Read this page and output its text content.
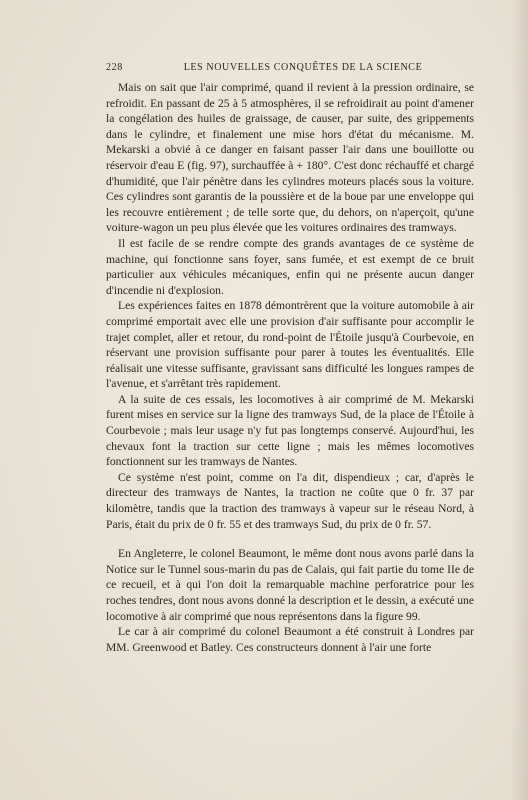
228	LES NOUVELLES CONQUÊTES DE LA SCIENCE

Mais on sait que l'air comprimé, quand il revient à la pression ordinaire, se refroidit. En passant de 25 à 5 atmosphères, il se refroidirait au point d'amener la congélation des huiles de graissage, de causer, par suite, des grippements dans le cylindre, et finalement une mise hors d'état du mécanisme. M. Mekarski a obvié à ce danger en faisant passer l'air dans une bouillotte ou réservoir d'eau E (fig. 97), surchauffée à + 180°. C'est donc réchauffé et chargé d'humidité, que l'air pénètre dans les cylindres moteurs placés sous la voiture. Ces cylindres sont garantis de la poussière et de la boue par une enveloppe qui les recouvre entièrement ; de telle sorte que, du dehors, on n'aperçoit, qu'une voiture-wagon un peu plus élevée que les voitures ordinaires des tramways.

Il est facile de se rendre compte des grands avantages de ce système de machine, qui fonctionne sans foyer, sans fumée, et est exempt de ce bruit particulier aux véhicules mécaniques, enfin qui ne présente aucun danger d'incendie ni d'explosion.

Les expériences faites en 1878 démontrèrent que la voiture automobile à air comprimé emportait avec elle une provision d'air suffisante pour accomplir le trajet complet, aller et retour, du rond-point de l'Étoile jusqu'à Courbevoie, en réservant une provision suffisante pour parer à toutes les éventualités. Elle réalisait une vitesse suffisante, gravissant sans difficulté les longues rampes de l'avenue, et s'arrêtant très rapidement.

A la suite de ces essais, les locomotives à air comprimé de M. Mekarski furent mises en service sur la ligne des tramways Sud, de la place de l'Étoile à Courbevoie ; mais leur usage n'y fut pas longtemps conservé. Aujourd'hui, les chevaux font la traction sur cette ligne ; mais les mêmes locomotives fonctionnent sur les tramways de Nantes.

Ce système n'est point, comme on l'a dit, dispendieux ; car, d'après le directeur des tramways de Nantes, la traction ne coûte que 0 fr. 37 par kilomètre, tandis que la traction des tramways à vapeur sur le réseau Nord, à Paris, était du prix de 0 fr. 55 et des tramways Sud, du prix de 0 fr. 57.

En Angleterre, le colonel Beaumont, le même dont nous avons parlé dans la Notice sur le Tunnel sous-marin du pas de Calais, qui fait partie du tome IIe de ce recueil, et à qui l'on doit la remarquable machine perforatrice pour les roches tendres, dont nous avons donné la description et le dessin, a exécuté une locomotive à air comprimé que nous représentons dans la figure 99.

Le car à air comprimé du colonel Beaumont a été construit à Londres par MM. Greenwood et Batley. Ces constructeurs donnent à l'air une forte
